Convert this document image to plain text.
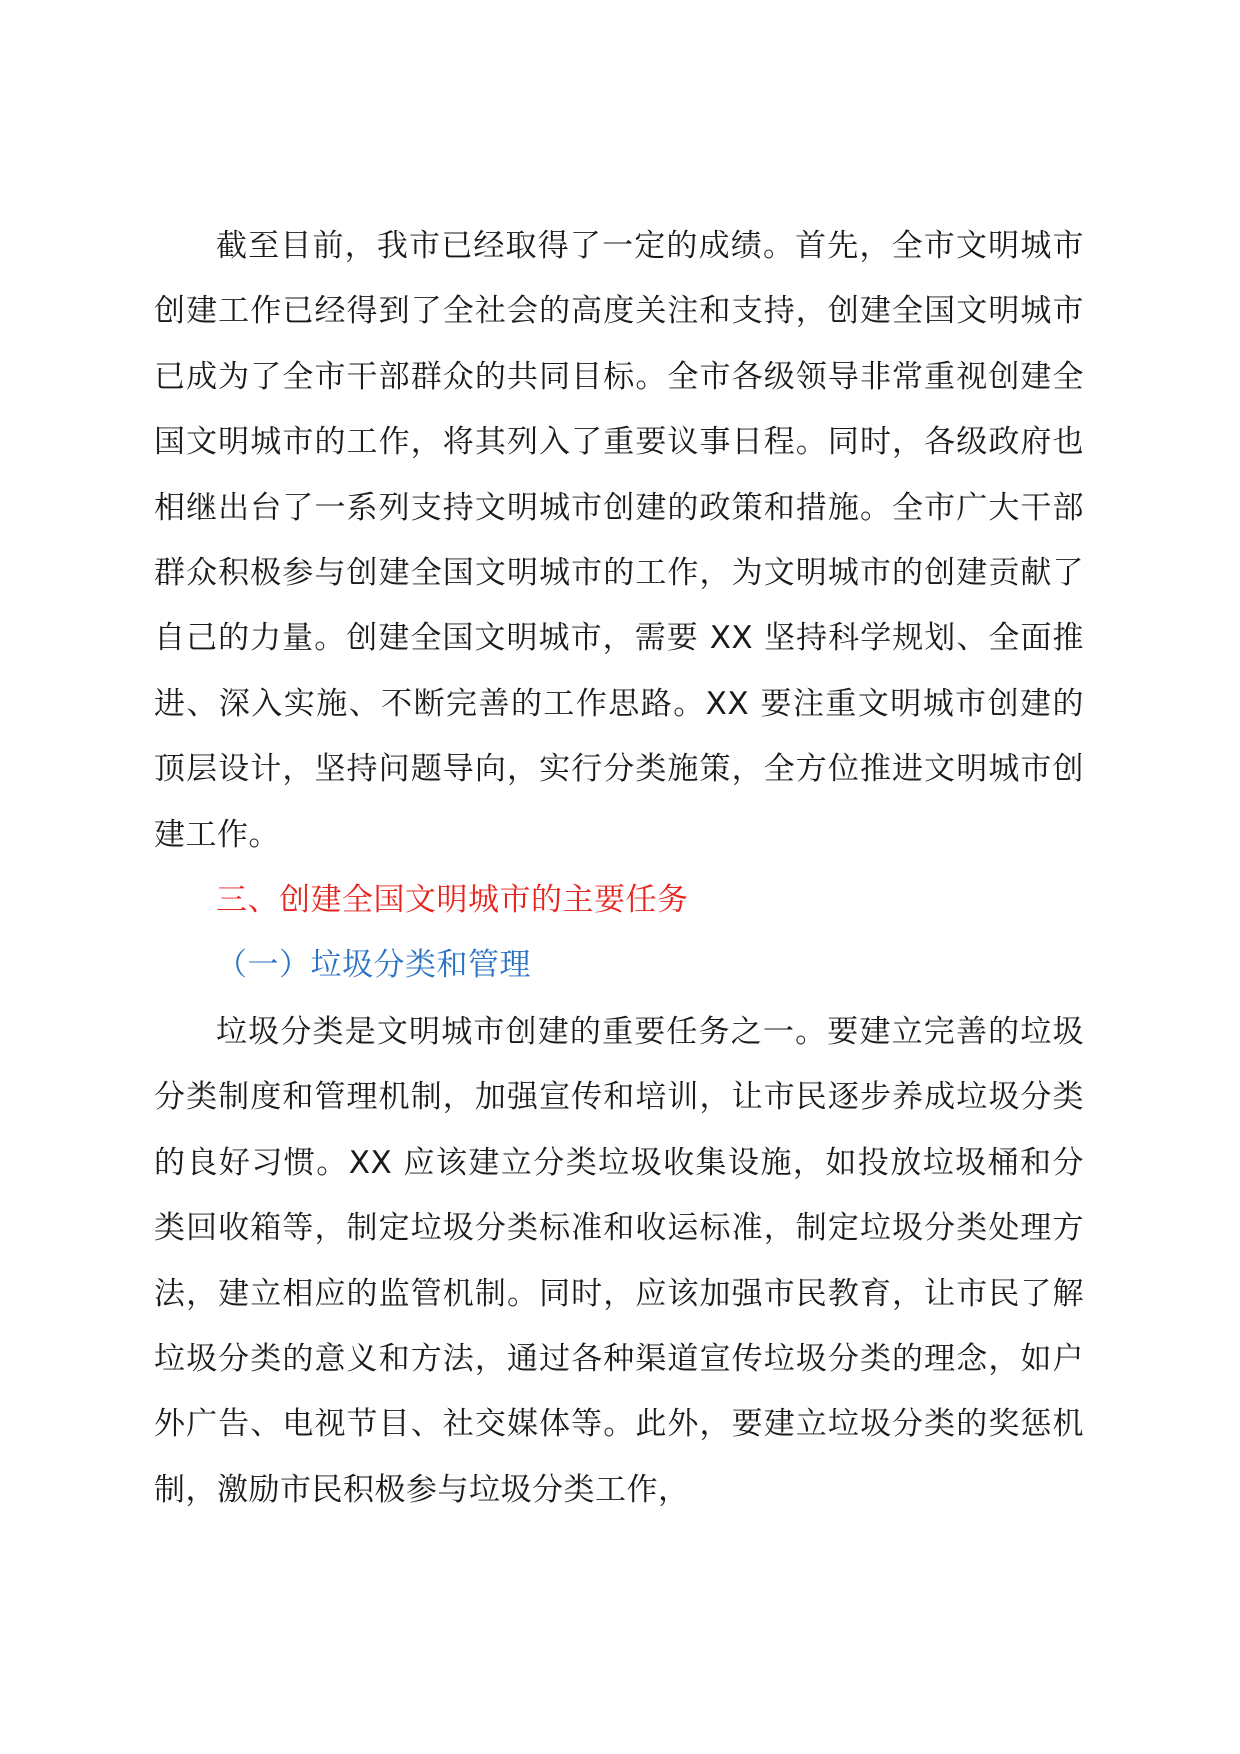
截至目前，我市已经取得了一定的成绩。首先，全市文明城市创建工作已经得到了全社会的高度关注和支持，创建全国文明城市已成为了全市干部群众的共同目标。全市各级领导非常重视创建全国文明城市的工作，将其列入了重要议事日程。同时，各级政府也相继出台了一系列支持文明城市创建的政策和措施。全市广大干部群众积极参与创建全国文明城市的工作，为文明城市的创建贡献了自己的力量。创建全国文明城市，需要 XX 坚持科学规划、全面推进、深入实施、不断完善的工作思路。XX 要注重文明城市创建的顶层设计，坚持问题导向，实行分类施策，全方位推进文明城市创建工作。

三、创建全国文明城市的主要任务

（一）垃圾分类和管理

垃圾分类是文明城市创建的重要任务之一。要建立完善的垃圾分类制度和管理机制，加强宣传和培训，让市民逐步养成垃圾分类的良好习惯。XX 应该建立分类垃圾收集设施，如投放垃圾桶和分类回收箱等，制定垃圾分类标准和收运标准，制定垃圾分类处理方法，建立相应的监管机制。同时，应该加强市民教育，让市民了解垃圾分类的意义和方法，通过各种渠道宣传垃圾分类的理念，如户外广告、电视节目、社交媒体等。此外，要建立垃圾分类的奖惩机制，激励市民积极参与垃圾分类工作，
